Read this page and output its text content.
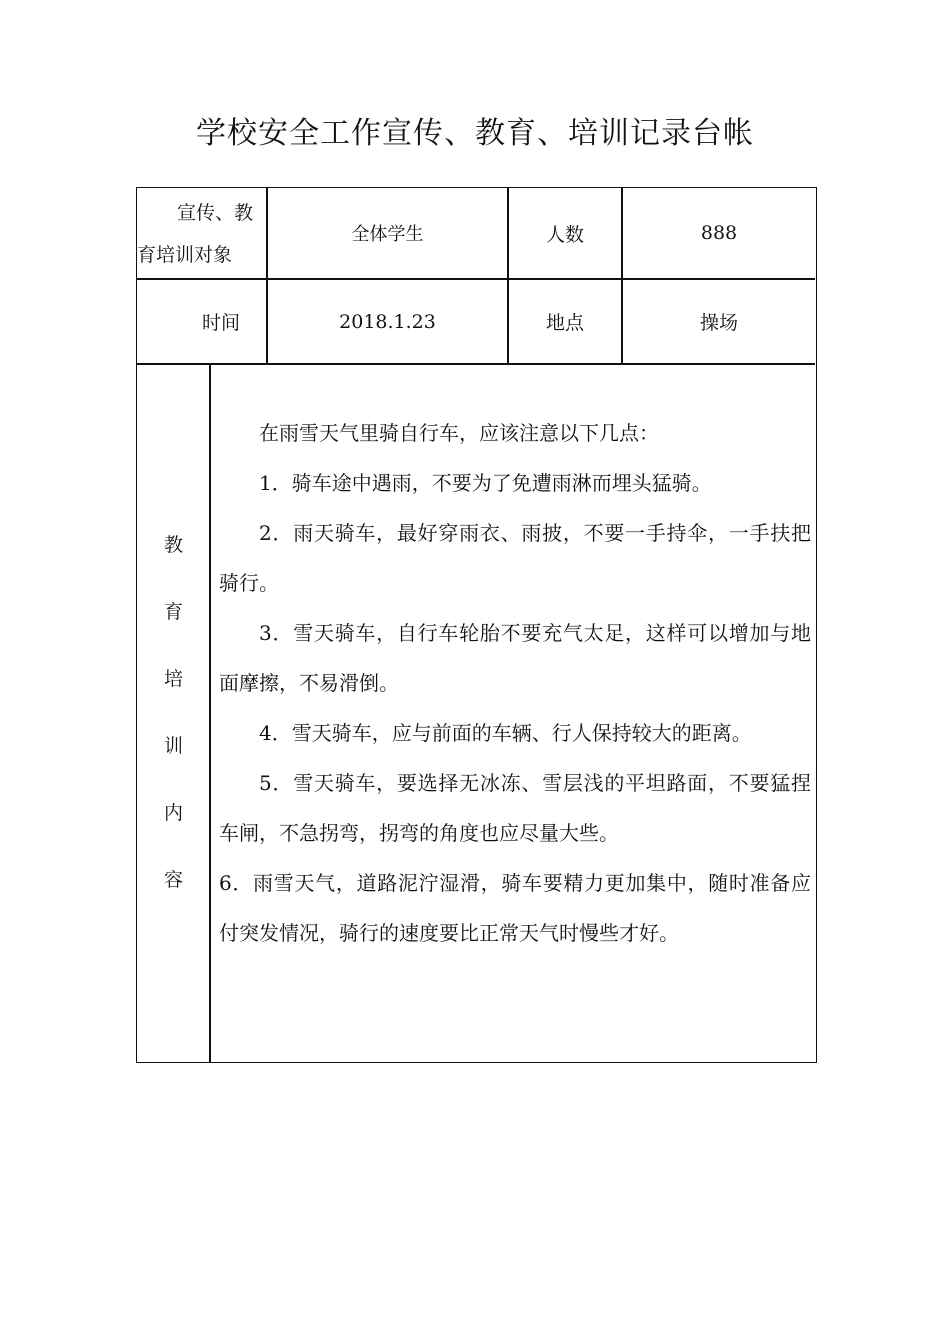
学校安全工作宣传、教育、培训记录台帐
宣传、教
育培训对象
全体学生	人数	888
时间	2018.1.23	地点	操场
教
育
培
训
内
容

在雨雪天气里骑自行车，应该注意以下几点：

1．骑车途中遇雨，不要为了免遭雨淋而埋头猛骑。

2．雨天骑车，最好穿雨衣、雨披，不要一手持伞，一手扶把骑行。

3．雪天骑车，自行车轮胎不要充气太足，这样可以增加与地面摩擦，不易滑倒。

4．雪天骑车，应与前面的车辆、行人保持较大的距离。

5．雪天骑车，要选择无冰冻、雪层浅的平坦路面，不要猛捏车闸，不急拐弯，拐弯的角度也应尽量大些。

6．雨雪天气，道路泥泞湿滑，骑车要精力更加集中，随时准备应付突发情况，骑行的速度要比正常天气时慢些才好。
